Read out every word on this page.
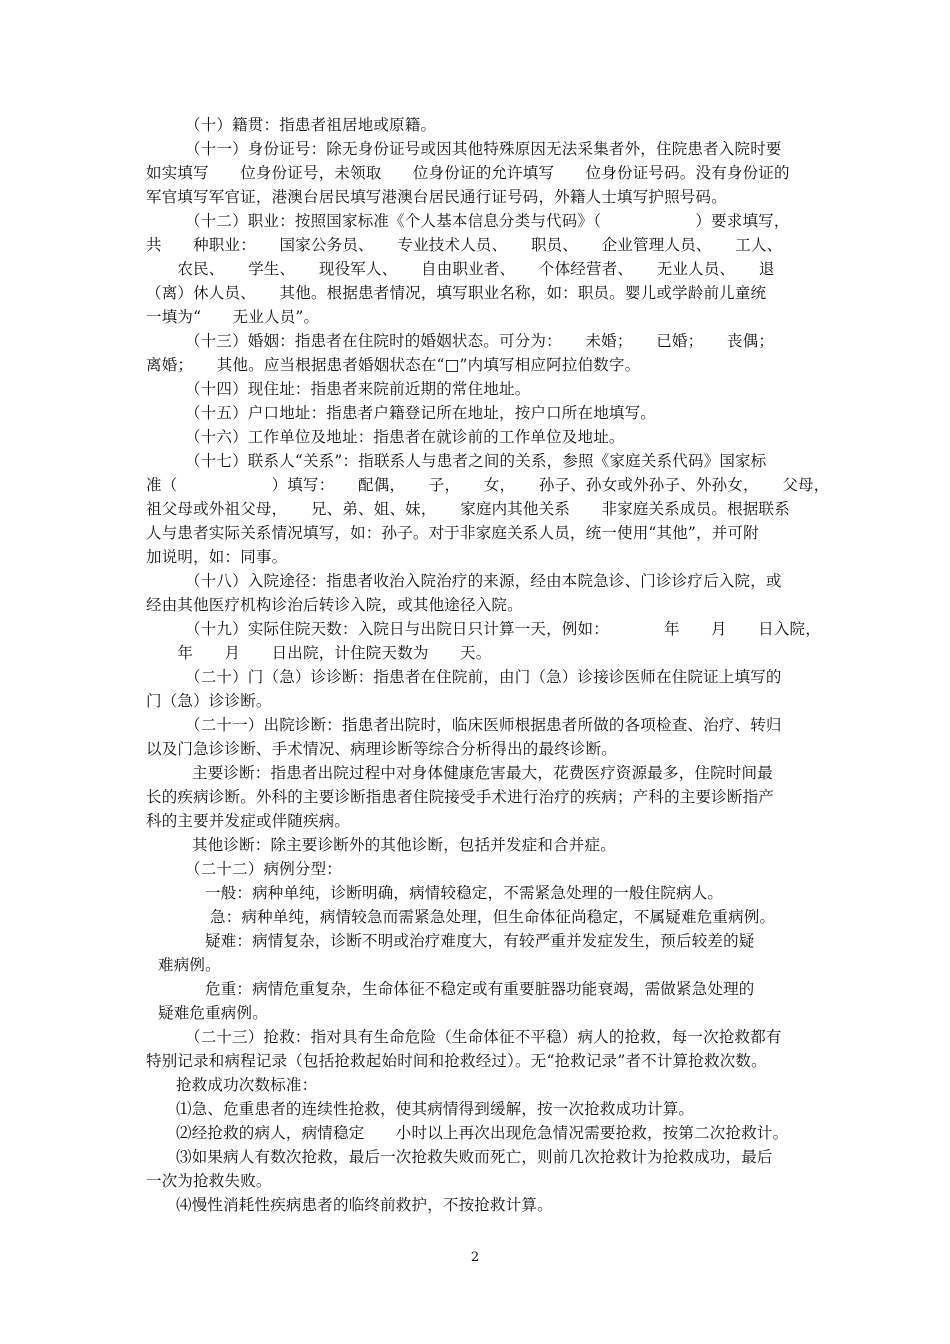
（十）籍贯：指患者祖居地或原籍。
（十一）身份证号：除无身份证号或因其他特殊原因无法采集者外，住院患者入院时要
如实填写　　位身份证号，未领取　　位身份证的允许填写　　位身份证号码。没有身份证的
军官填写军官证，港澳台居民填写港澳台居民通行证号码，外籍人士填写护照号码。
（十二）职业：按照国家标准《个人基本信息分类与代码》（　　　　　　）要求填写，
共　　种职业：　　国家公务员、　　专业技术人员、　　职员、　　企业管理人员、　　工人、
　　农民、　　学生、　　现役军人、　　自由职业者、　　个体经营者、　　无业人员、　　退
（离）休人员、　　其他。根据患者情况，填写职业名称，如：职员。婴儿或学龄前儿童统
一填为“　　无业人员”。
（十三）婚姻：指患者在住院时的婚姻状态。可分为：　　未婚；　　已婚；　　丧偶；
离婚；　　其他。应当根据患者婚姻状态在“□”内填写相应阿拉伯数字。
（十四）现住址：指患者来院前近期的常住地址。
（十五）户口地址：指患者户籍登记所在地址，按户口所在地填写。
（十六）工作单位及地址：指患者在就诊前的工作单位及地址。
（十七）联系人“关系”：指联系人与患者之间的关系，参照《家庭关系代码》国家标
准（　　　　　　）填写：　　配偶，　　子，　　女，　　孙子、孙女或外孙子、外孙女，　　父母，
祖父母或外祖父母，　　兄、弟、姐、妹，　　家庭内其他关系　　非家庭关系成员。根据联系
人与患者实际关系情况填写，如：孙子。对于非家庭关系人员，统一使用“其他”，并可附
加说明，如：同事。
（十八）入院途径：指患者收治入院治疗的来源，经由本院急诊、门诊诊疗后入院，或
经由其他医疗机构诊治后转诊入院，或其他途径入院。
（十九）实际住院天数：入院日与出院日只计算一天，例如：　　　　年　　月　　日入院，
　　年　　月　　日出院，计住院天数为　　天。
（二十）门（急）诊诊断：指患者在住院前，由门（急）诊接诊医师在住院证上填写的
门（急）诊诊断。
（二十一）出院诊断：指患者出院时，临床医师根据患者所做的各项检查、治疗、转归
以及门急诊诊断、手术情况、病理诊断等综合分析得出的最终诊断。
主要诊断：指患者出院过程中对身体健康危害最大，花费医疗资源最多，住院时间最
长的疾病诊断。外科的主要诊断指患者住院接受手术进行治疗的疾病；产科的主要诊断指产
科的主要并发症或伴随疾病。
其他诊断：除主要诊断外的其他诊断，包括并发症和合并症。
（二十二）病例分型：
一般：病种单纯，诊断明确，病情较稳定，不需紧急处理的一般住院病人。
急：病种单纯，病情较急而需紧急处理，但生命体征尚稳定，不属疑难危重病例。
疑难：病情复杂，诊断不明或治疗难度大，有较严重并发症发生，预后较差的疑
难病例。
危重：病情危重复杂，生命体征不稳定或有重要脏器功能衰竭，需做紧急处理的
疑难危重病例。
（二十三）抢救：指对具有生命危险（生命体征不平稳）病人的抢救，每一次抢救都有
特别记录和病程记录（包括抢救起始时间和抢救经过）。无“抢救记录”者不计算抢救次数。
抢救成功次数标准：
⑴急、危重患者的连续性抢救，使其病情得到缓解，按一次抢救成功计算。
⑵经抢救的病人，病情稳定　　小时以上再次出现危急情况需要抢救，按第二次抢救计。
⑶如果病人有数次抢救，最后一次抢救失败而死亡，则前几次抢救计为抢救成功，最后
一次为抢救失败。
⑷慢性消耗性疾病患者的临终前救护，不按抢救计算。
2
